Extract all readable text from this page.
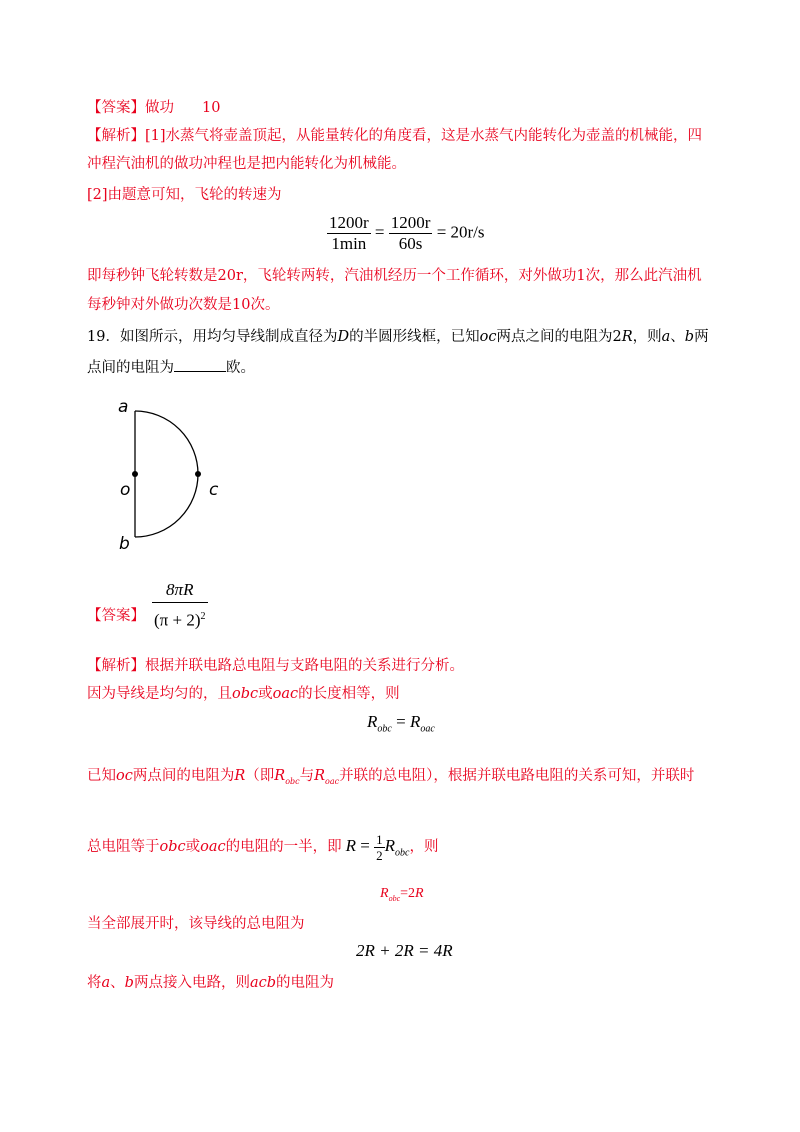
【答案】做功 10
【解析】[1]水蒸气将壶盖顶起，从能量转化的角度看，这是水蒸气内能转化为壶盖的机械能，四
冲程汽油机的做功冲程也是把内能转化为机械能。
[2]由题意可知，飞轮的转速为
$\frac{1200r}{1\min} = \frac{1200r}{60s} = 20r/s$
即每秒钟飞轮转数是20r，飞轮转两转，汽油机经历一个工作循环，对外做功1次，那么此汽油机
每秒钟对外做功次数是10次。
19．如图所示，用均匀导线制成直径为D的半圆形线框，已知oc两点之间的电阻为2R，则a、b两
点间的电阻为	欧。
a
o
b
c
【答案】 $\frac{8\pi R}{(\pi + 2)^2}$
【解析】根据并联电路总电阻与支路电阻的关系进行分析。
因为导线是均匀的，且obc或oac的长度相等，则
$R_{obc} = R_{oac}$
已知oc两点间的电阻为R（即$R_{obc}$与$R_{oac}$并联的总电阻），根据并联电路电阻的关系可知，并联时
总电阻等于obc或oac的电阻的一半，即 $R = \frac{1}{2} R_{obc}$，则
$R_{obc}=2R$
当全部展开时，该导线的总电阻为
2R + 2R = 4R
将a、b两点接入电路，则acb的电阻为
